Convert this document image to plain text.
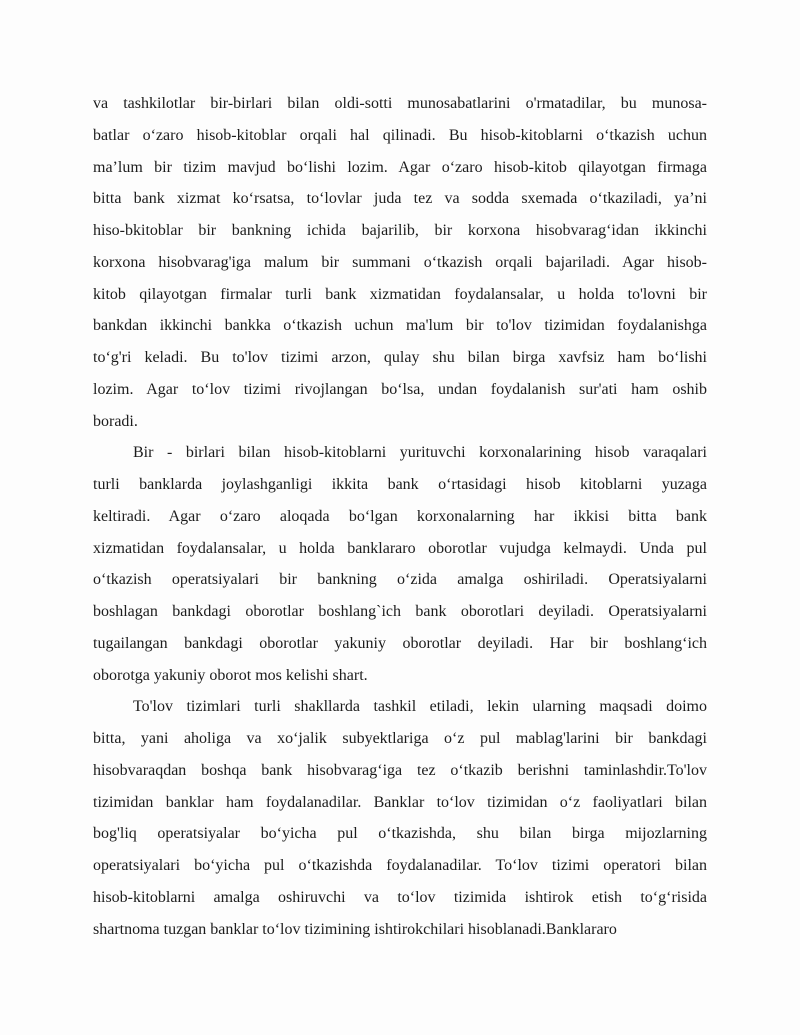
va tashkilotlar bir-birlari bilan oldi-sotti munosabatlarini o'rmatadilar, bu munosa-
batlar oʻzaro hisob-kitoblar orqali hal qilinadi. Bu hisob-kitoblarni oʻtkazish uchun
ma’lum bir tizim mavjud boʻlishi lozim. Agar oʻzaro hisob-kitob qilayotgan firmaga
bitta bank xizmat koʻrsatsa, toʻlovlar juda tez va sodda sxemada oʻtkaziladi, ya’ni
hiso-bkitoblar bir bankning ichida bajarilib, bir korxona hisobvaragʻidan ikkinchi
korxona hisobvarag'iga malum bir summani oʻtkazish orqali bajariladi. Agar hisob-
kitob qilayotgan firmalar turli bank xizmatidan foydalansalar, u holda to'lovni bir
bankdan ikkinchi bankka oʻtkazish uchun ma'lum bir to'lov tizimidan foydalanishga
toʻg'ri keladi. Bu to'lov tizimi arzon, qulay shu bilan birga xavfsiz ham boʻlishi
lozim. Agar toʻlov tizimi rivojlangan boʻlsa, undan foydalanish sur'ati ham oshib
boradi.
Bir - birlari bilan hisob-kitoblarni yurituvchi korxonalarining hisob varaqalari
turli banklarda joylashganligi ikkita bank oʻrtasidagi hisob kitoblarni yuzaga
keltiradi. Agar oʻzaro aloqada boʻlgan korxonalarning har ikkisi bitta bank
xizmatidan foydalansalar, u holda banklararo oborotlar vujudga kelmaydi. Unda pul
oʻtkazish operatsiyalari bir bankning oʻzida amalga oshiriladi. Operatsiyalarni
boshlagan bankdagi oborotlar boshlang`ich bank oborotlari deyiladi. Operatsiyalarni
tugailangan bankdagi oborotlar yakuniy oborotlar deyiladi. Har bir boshlangʻich
oborotga yakuniy oborot mos kelishi shart.
To'lov tizimlari turli shakllarda tashkil etiladi, lekin ularning maqsadi doimo
bitta, yani aholiga va xoʻjalik subyektlariga oʻz pul mablag'larini bir bankdagi
hisobvaraqdan boshqa bank hisobvaragʻiga tez oʻtkazib berishni taminlashdir.To'lov
tizimidan banklar ham foydalanadilar. Banklar toʻlov tizimidan oʻz faoliyatlari bilan
bog'liq operatsiyalar boʻyicha pul oʻtkazishda, shu bilan birga mijozlarning
operatsiyalari boʻyicha pul oʻtkazishda foydalanadilar. Toʻlov tizimi operatori bilan
hisob-kitoblarni amalga oshiruvchi va toʻlov tizimida ishtirok etish toʻgʻrisida
shartnoma tuzgan banklar toʻlov tizimining ishtirokchilari hisoblanadi.Banklararo
